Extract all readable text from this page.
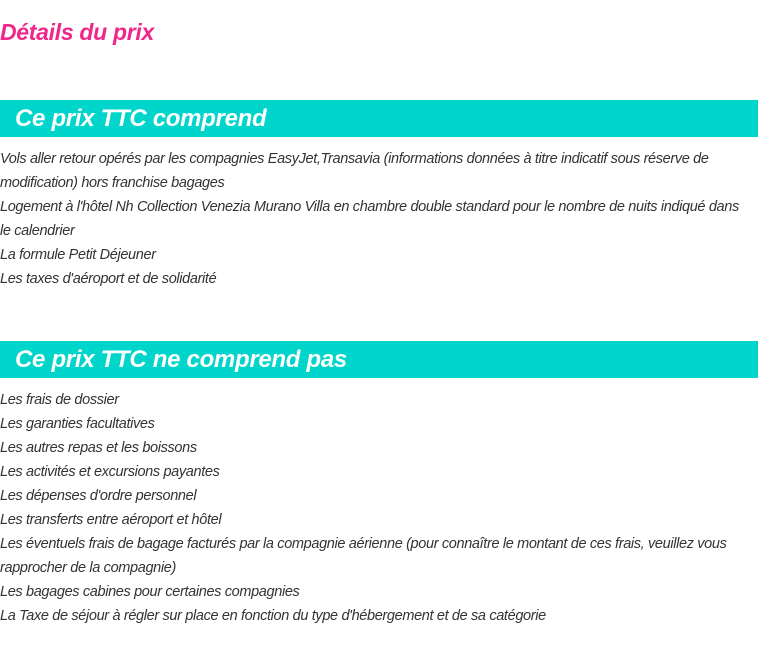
Détails du prix
Ce prix TTC comprend
Vols aller retour opérés par les compagnies EasyJet,Transavia (informations données à titre indicatif sous réserve de modification) hors franchise bagages
Logement à l'hôtel Nh Collection Venezia Murano Villa en chambre double standard pour le nombre de nuits indiqué dans le calendrier
La formule Petit Déjeuner
Les taxes d'aéroport et de solidarité
Ce prix TTC ne comprend pas
Les frais de dossier
Les garanties facultatives
Les autres repas et les boissons
Les activités et excursions payantes
Les dépenses d'ordre personnel
Les transferts entre aéroport et hôtel
Les éventuels frais de bagage facturés par la compagnie aérienne (pour connaître le montant de ces frais, veuillez vous rapprocher de la compagnie)
Les bagages cabines pour certaines compagnies
La Taxe de séjour à régler sur place en fonction du type d'hébergement et de sa catégorie
